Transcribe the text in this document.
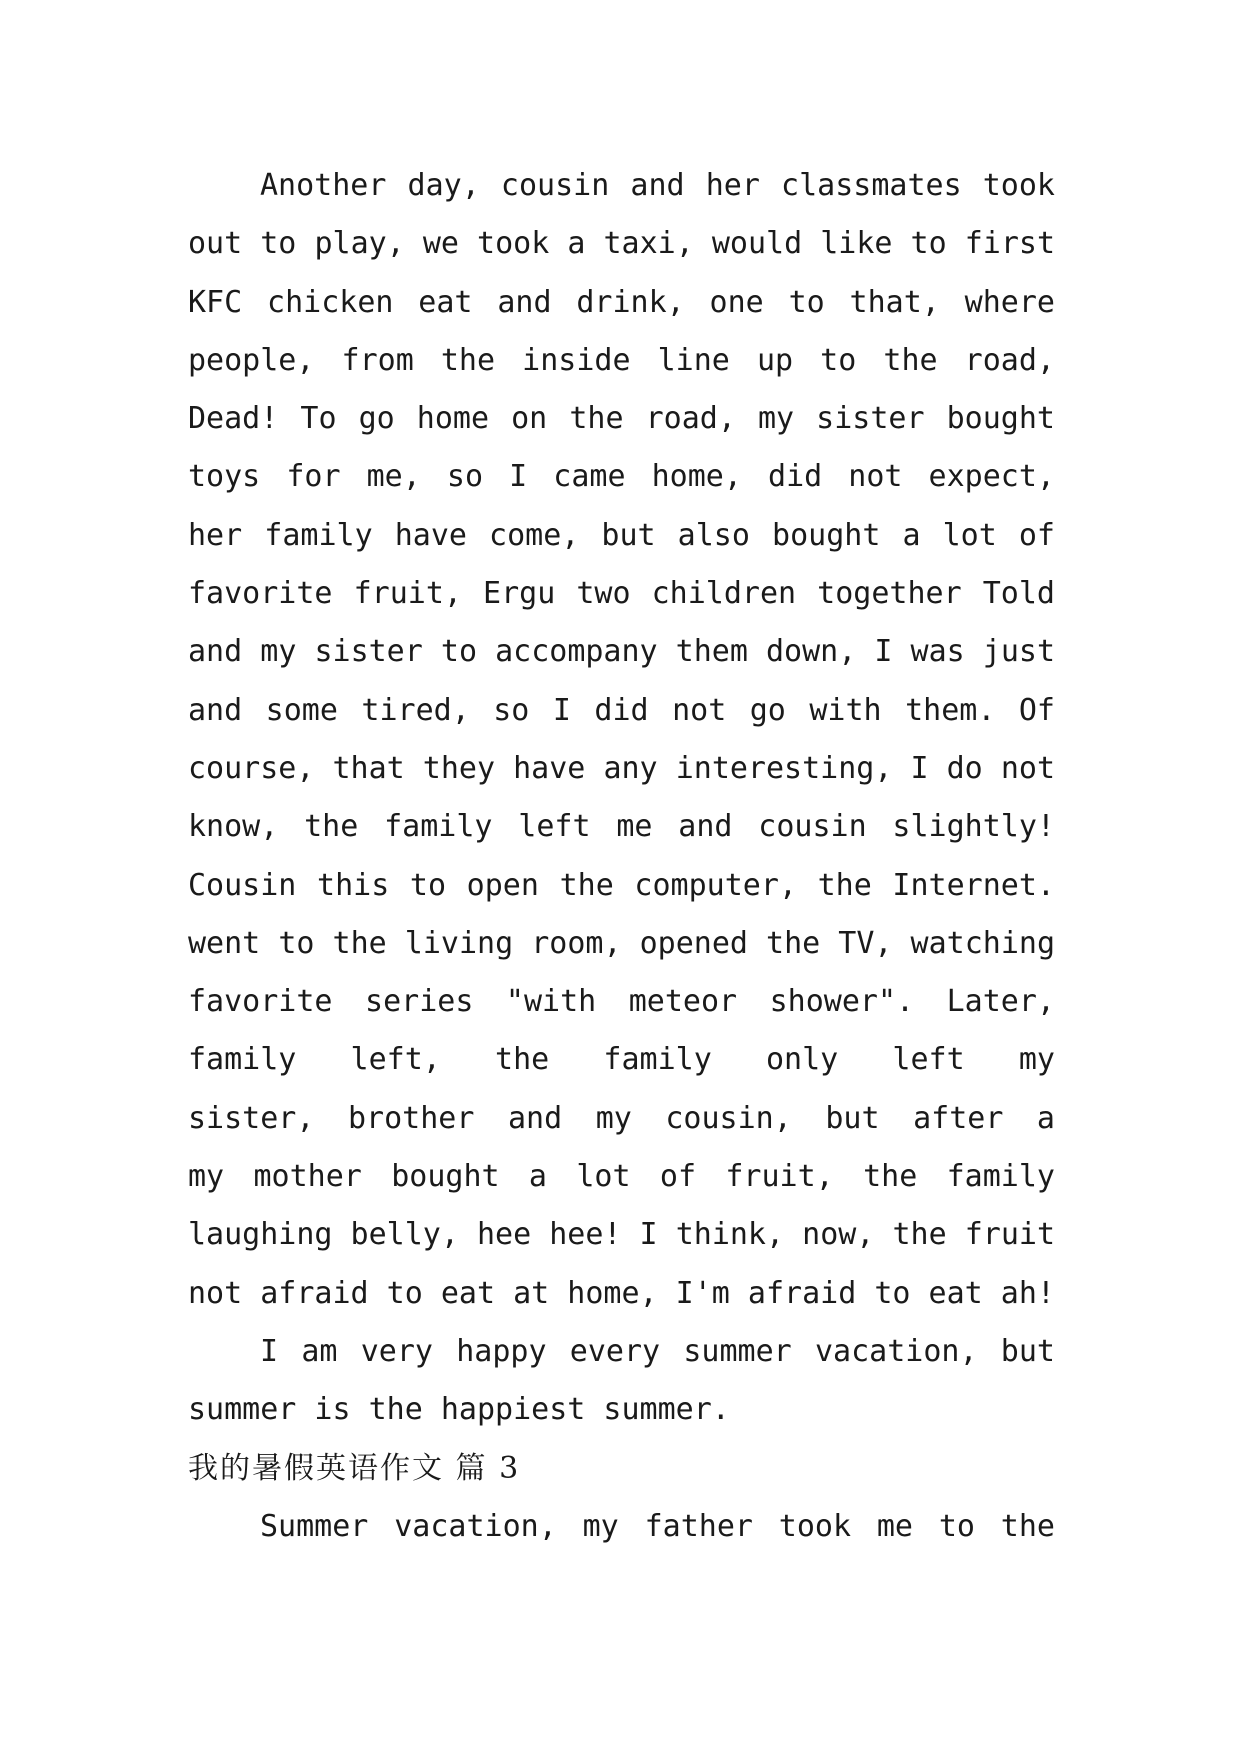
Another day, cousin and her classmates took
out to play, we took a taxi, would like to first
KFC chicken eat and drink, one to that, where
people, from the inside line up to the road,
Dead! To go home on the road, my sister bought
toys for me, so I came home, did not expect,
her family have come, but also bought a lot of
favorite fruit, Ergu two children together Told
and my sister to accompany them down, I was just
and some tired, so I did not go with them. Of
course, that they have any interesting, I do not
know, the family left me and cousin slightly!
Cousin this to open the computer, the Internet.
went to the living room, opened the TV, watching
favorite series "with meteor shower". Later,
family left, the family only left my
sister, brother and my cousin, but after a
my mother bought a lot of fruit, the family
laughing belly, hee hee! I think, now, the fruit
not afraid to eat at home, I'm afraid to eat ah!
I am very happy every summer vacation, but
summer is the happiest summer.
我的暑假英语作文 篇 3
Summer vacation, my father took me to the
